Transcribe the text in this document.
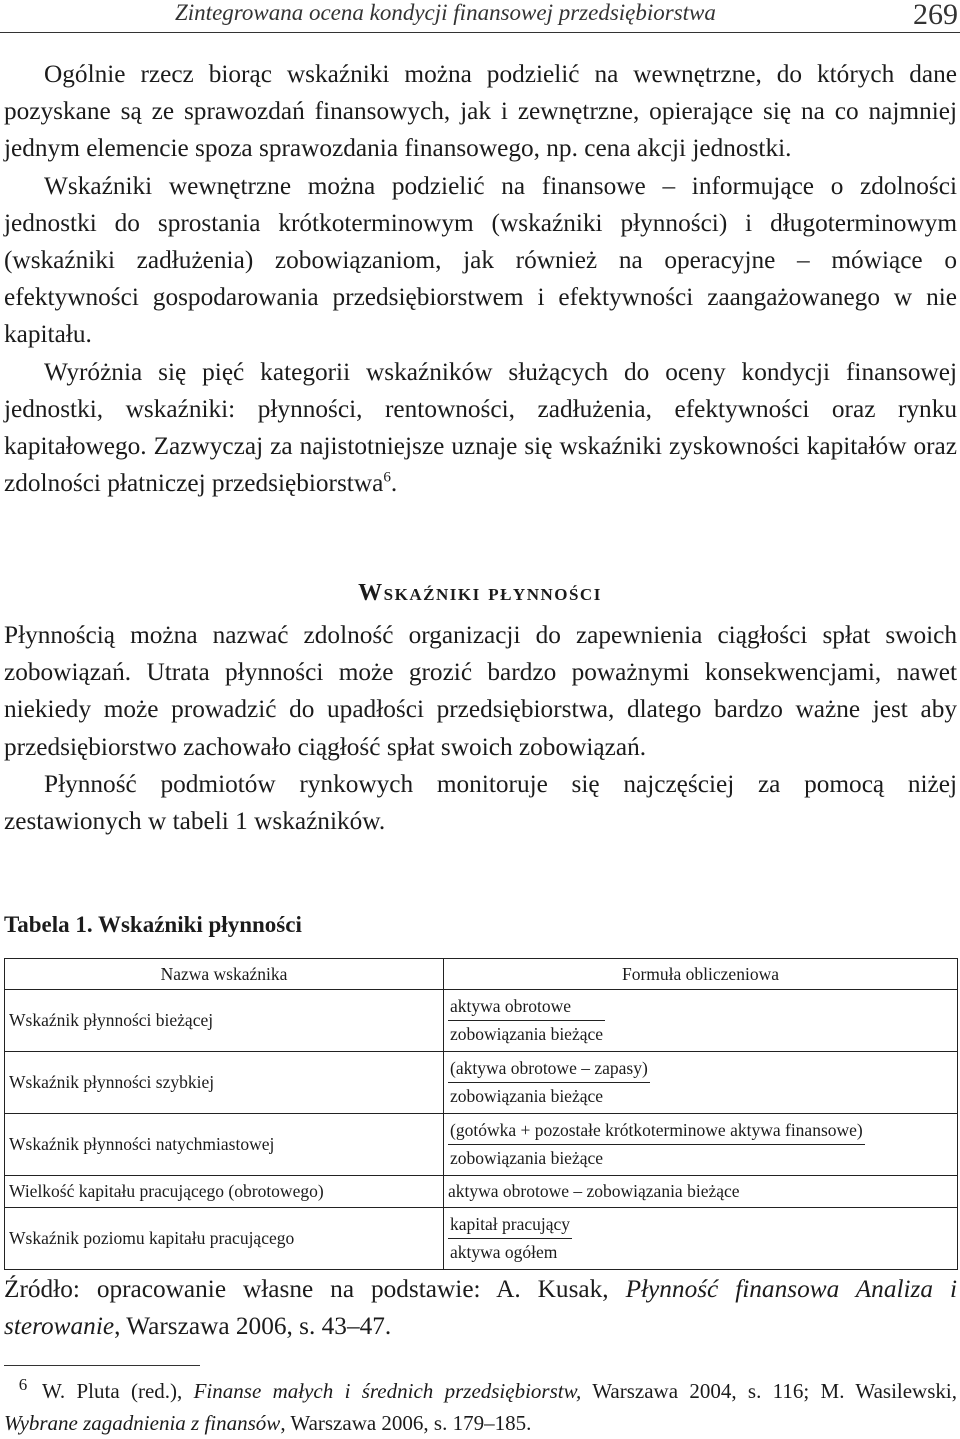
Zintegrowana ocena kondycji finansowej przedsiębiorstwa	269

Ogólnie rzecz biorąc wskaźniki można podzielić na wewnętrzne, do których dane pozyskane są ze sprawozdań finansowych, jak i zewnętrzne, opierające się na co najmniej jednym elemencie spoza sprawozdania finansowego, np. cena akcji jednostki.

Wskaźniki wewnętrzne można podzielić na finansowe – informujące o zdolności jednostki do sprostania krótkoterminowym (wskaźniki płynności) i długoterminowym (wskaźniki zadłużenia) zobowiązaniom, jak również na operacyjne – mówiące o efektywności gospodarowania przedsiębiorstwem i efektywności zaangażowanego w nie kapitału.

Wyróżnia się pięć kategorii wskaźników służących do oceny kondycji finansowej jednostki, wskaźniki: płynności, rentowności, zadłużenia, efektywności oraz rynku kapitałowego. Zazwyczaj za najistotniejsze uznaje się wskaźniki zyskowności kapitałów oraz zdolności płatniczej przedsiębiorstwa$^6$.

Wskaźniki płynności

Płynnością można nazwać zdolność organizacji do zapewnienia ciągłości spłat swoich zobowiązań. Utrata płynności może grozić bardzo poważnymi konsekwencjami, nawet niekiedy może prowadzić do upadłości przedsiębiorstwa, dlatego bardzo ważne jest aby przedsiębiorstwo zachowało ciągłość spłat swoich zobowiązań.

Płynność podmiotów rynkowych monitoruje się najczęściej za pomocą niżej zestawionych w tabeli 1 wskaźników.

Tabela 1. Wskaźniki płynności
Nazwa wskaźnika	Formuła obliczeniowa
Wskaźnik płynności bieżącej	$\frac{\text{aktywa obrotowe}}{\text{zobowiązania bieżące}}$

Wskaźnik płynności szybkiej	$\frac{\text{(aktywa obrotowe – zapasy)}}{\text{zobowiązania bieżące}}$

Wskaźnik płynności natychmiastowej	$\frac{\text{(gotówka + pozostałe krótkoterminowe aktywa finansowe)}}{\text{zobowiązania bieżące}}$

Wielkość kapitału pracującego (obrotowego)	aktywa obrotowe – zobowiązania bieżące
Wskaźnik poziomu kapitału pracującego	$\frac{\text{kapitał pracujący}}{\text{aktywa ogółem}}$
Źródło: opracowanie własne na podstawie: A. Kusak, Płynność finansowa Analiza i sterowanie, Warszawa 2006, s. 43–47.
6 W. Pluta (red.), Finanse małych i średnich przedsiębiorstw, Warszawa 2004, s. 116; M. Wasilewski, Wybrane zagadnienia z finansów, Warszawa 2006, s. 179–185.
